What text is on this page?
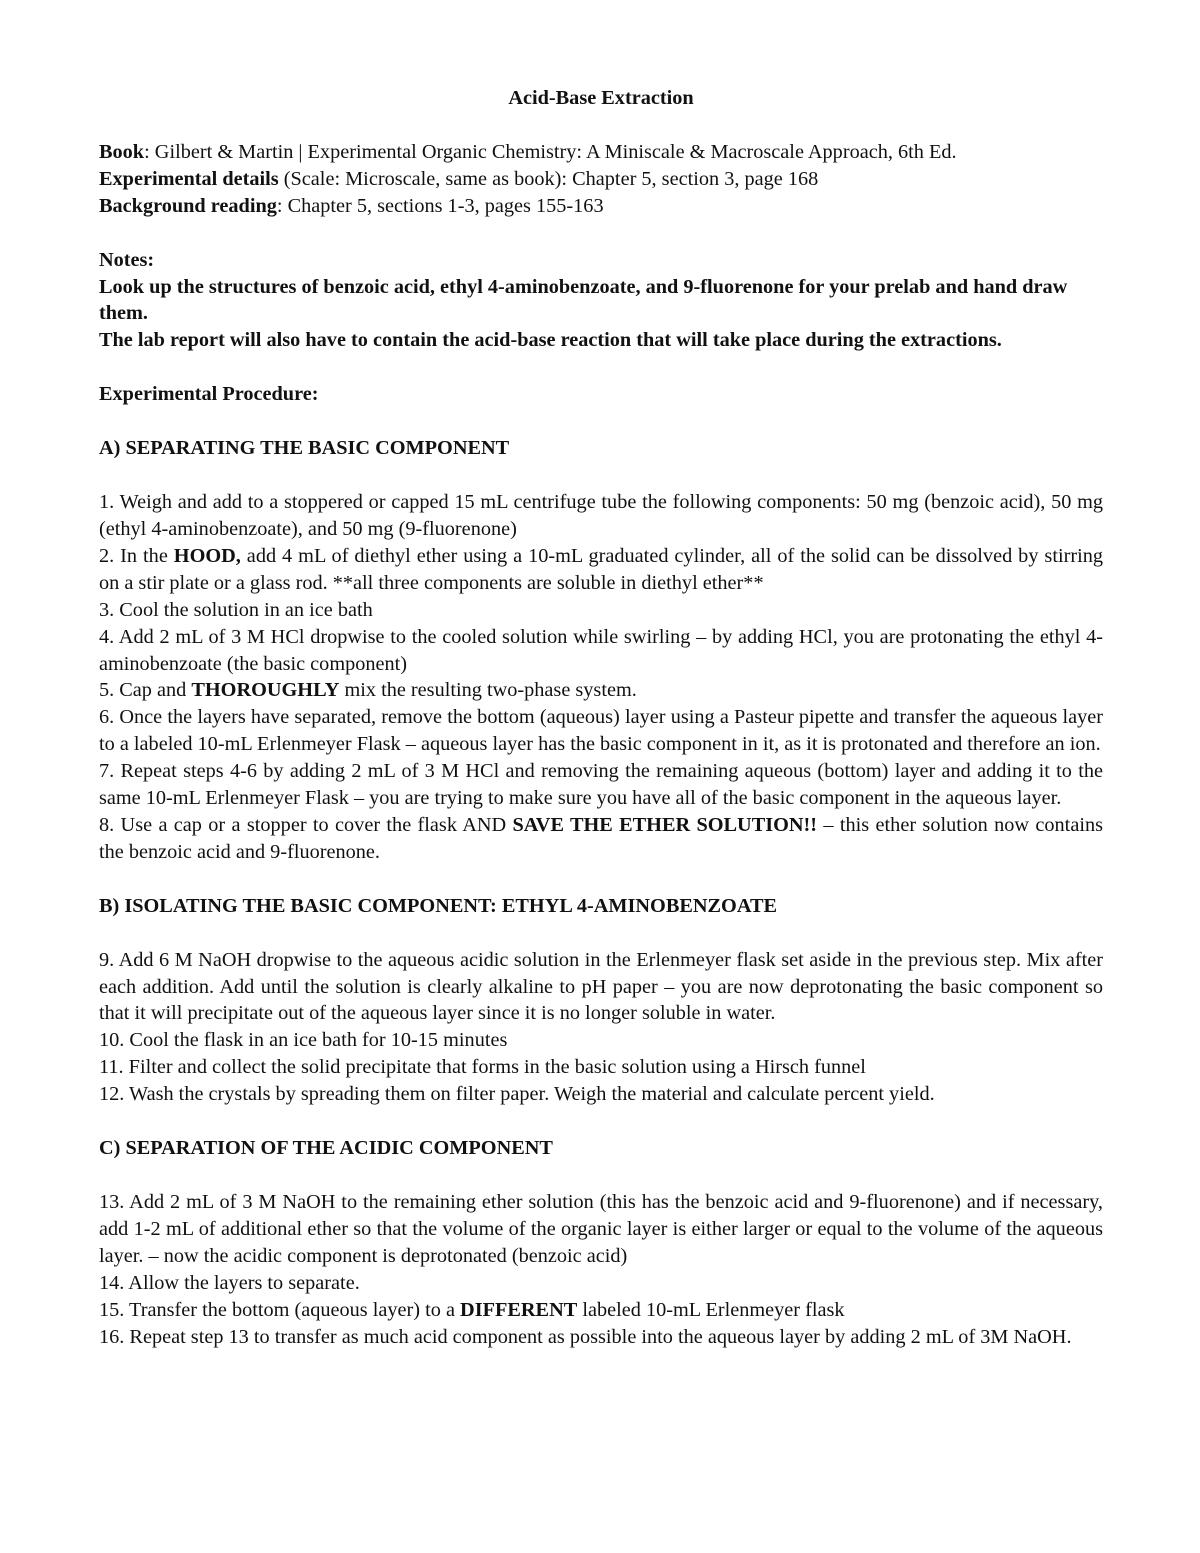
Acid-Base Extraction

Book: Gilbert & Martin | Experimental Organic Chemistry: A Miniscale & Macroscale Approach, 6th Ed.

Experimental details (Scale: Microscale, same as book): Chapter 5, section 3, page 168

Background reading: Chapter 5, sections 1-3, pages 155-163

Notes:

Look up the structures of benzoic acid, ethyl 4-aminobenzoate, and 9-fluorenone for your prelab and hand draw them.

The lab report will also have to contain the acid-base reaction that will take place during the extractions.

Experimental Procedure:

A) SEPARATING THE BASIC COMPONENT

1. Weigh and add to a stoppered or capped 15 mL centrifuge tube the following components: 50 mg (benzoic acid), 50 mg (ethyl 4-aminobenzoate), and 50 mg (9-fluorenone)

2. In the HOOD, add 4 mL of diethyl ether using a 10-mL graduated cylinder, all of the solid can be dissolved by stirring on a stir plate or a glass rod. **all three components are soluble in diethyl ether**

3. Cool the solution in an ice bath

4. Add 2 mL of 3 M HCl dropwise to the cooled solution while swirling – by adding HCl, you are protonating the ethyl 4-aminobenzoate (the basic component)

5. Cap and THOROUGHLY mix the resulting two-phase system.

6. Once the layers have separated, remove the bottom (aqueous) layer using a Pasteur pipette and transfer the aqueous layer to a labeled 10-mL Erlenmeyer Flask – aqueous layer has the basic component in it, as it is protonated and therefore an ion.

7. Repeat steps 4-6 by adding 2 mL of 3 M HCl and removing the remaining aqueous (bottom) layer and adding it to the same 10-mL Erlenmeyer Flask – you are trying to make sure you have all of the basic component in the aqueous layer.

8. Use a cap or a stopper to cover the flask AND SAVE THE ETHER SOLUTION!! – this ether solution now contains the benzoic acid and 9-fluorenone.

B) ISOLATING THE BASIC COMPONENT: ETHYL 4-AMINOBENZOATE

9. Add 6 M NaOH dropwise to the aqueous acidic solution in the Erlenmeyer flask set aside in the previous step. Mix after each addition. Add until the solution is clearly alkaline to pH paper – you are now deprotonating the basic component so that it will precipitate out of the aqueous layer since it is no longer soluble in water.

10. Cool the flask in an ice bath for 10-15 minutes

11. Filter and collect the solid precipitate that forms in the basic solution using a Hirsch funnel

12. Wash the crystals by spreading them on filter paper. Weigh the material and calculate percent yield.

C) SEPARATION OF THE ACIDIC COMPONENT

13. Add 2 mL of 3 M NaOH to the remaining ether solution (this has the benzoic acid and 9-fluorenone) and if necessary, add 1-2 mL of additional ether so that the volume of the organic layer is either larger or equal to the volume of the aqueous layer. – now the acidic component is deprotonated (benzoic acid)

14. Allow the layers to separate.

15. Transfer the bottom (aqueous layer) to a DIFFERENT labeled 10-mL Erlenmeyer flask

16. Repeat step 13 to transfer as much acid component as possible into the aqueous layer by adding 2 mL of 3M NaOH.
